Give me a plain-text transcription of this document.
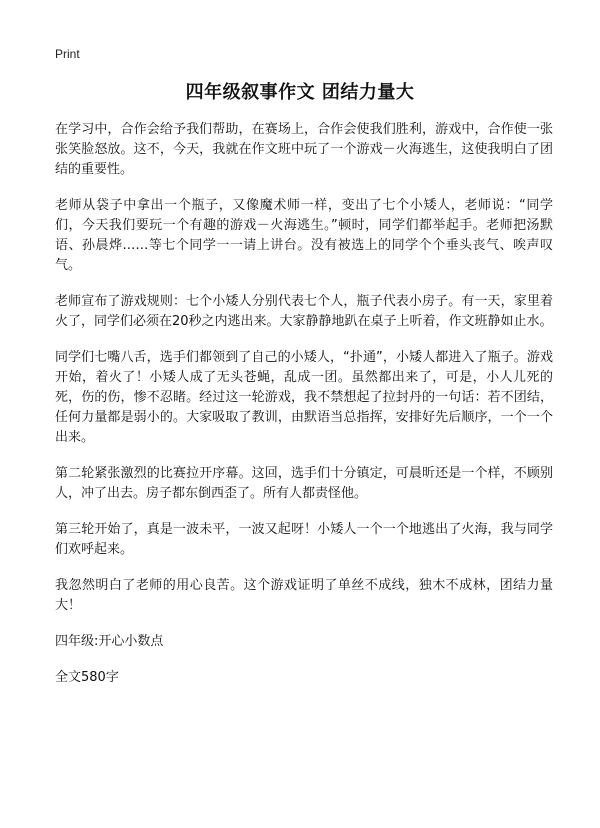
Print
四年级叙事作文 团结力量大

在学习中，合作会给予我们帮助，在赛场上，合作会使我们胜利，游戏中，合作使一张张笑脸怒放。这不，今天，我就在作文班中玩了一个游戏－火海逃生，这使我明白了团结的重要性。

老师从袋子中拿出一个瓶子，又像魔术师一样，变出了七个小矮人，老师说：“同学们，今天我们要玩一个有趣的游戏－火海逃生。”顿时，同学们都举起手。老师把汤默语、孙晨烨……等七个同学一一请上讲台。没有被选上的同学个个垂头丧气、唉声叹气。

老师宣布了游戏规则：七个小矮人分别代表七个人，瓶子代表小房子。有一天，家里着火了，同学们必须在20秒之内逃出来。大家静静地趴在桌子上听着，作文班静如止水。

同学们七嘴八舌，选手们都领到了自己的小矮人，“扑通”，小矮人都进入了瓶子。游戏开始，着火了！小矮人成了无头苍蝇，乱成一团。虽然都出来了，可是，小人儿死的死，伤的伤，惨不忍睹。经过这一轮游戏，我不禁想起了拉封丹的一句话：若不团结，任何力量都是弱小的。大家吸取了教训，由默语当总指挥，安排好先后顺序，一个一个出来。

第二轮紧张激烈的比赛拉开序幕。这回，选手们十分镇定，可晨昕还是一个样，不顾别人，冲了出去。房子都东倒西歪了。所有人都责怪他。

第三轮开始了，真是一波未平，一波又起呀！小矮人一个一个地逃出了火海，我与同学们欢呼起来。

我忽然明白了老师的用心良苦。这个游戏证明了单丝不成线，独木不成林，团结力量大！

四年级:开心小数点

全文580字
